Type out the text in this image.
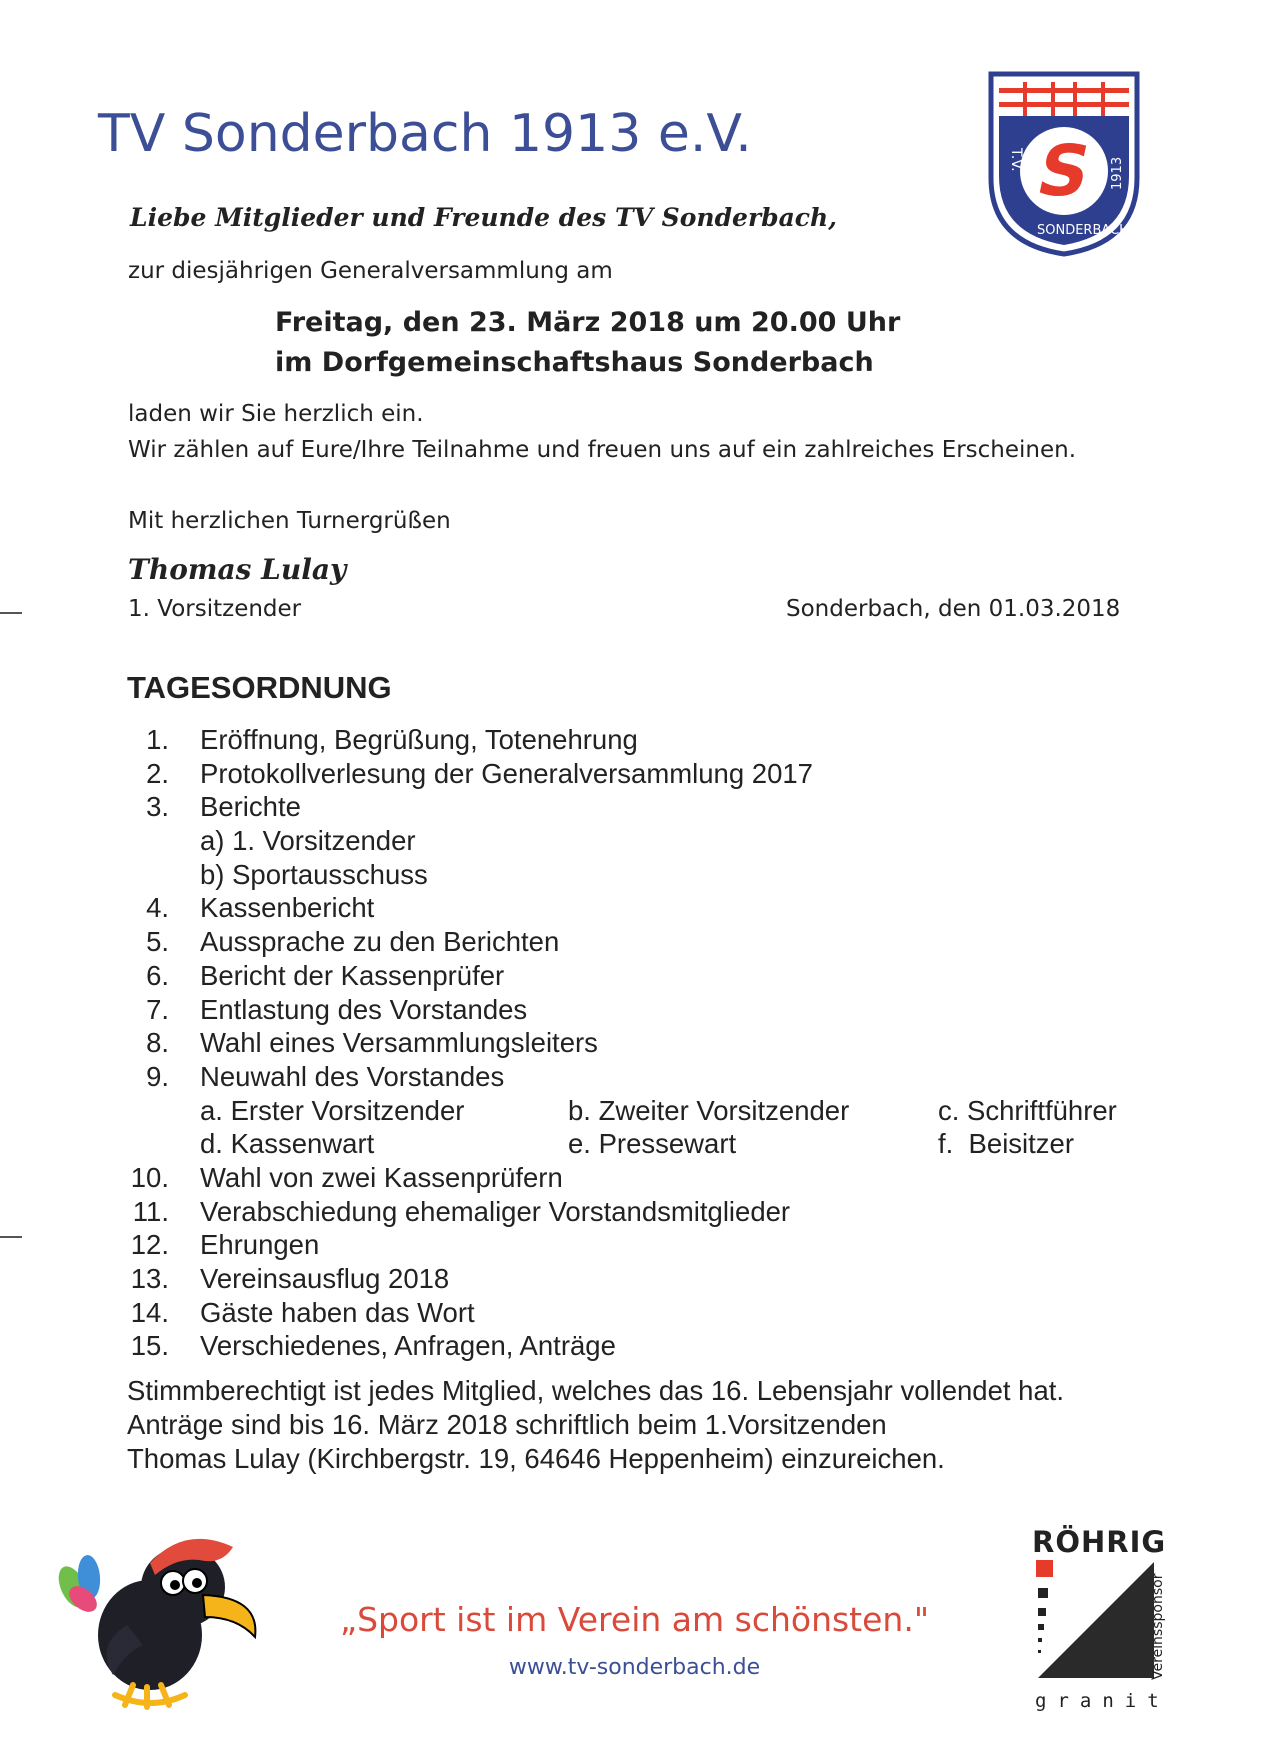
TV Sonderbach 1913 e.V.	S
T.V.
SONDERBACH
1913
Liebe Mitglieder und Freunde des TV Sonderbach,
zur diesjährigen Generalversammlung am
Freitag, den 23. März 2018 um 20.00 Uhr
im Dorfgemeinschaftshaus Sonderbach
laden wir Sie herzlich ein.
Wir zählen auf Eure/Ihre Teilnahme und freuen uns auf ein zahlreiches Erscheinen.
Mit herzlichen Turnergrüßen
Thomas Lulay
1. Vorsitzender	Sonderbach, den 01.03.2018
TAGESORDNUNG
1. Eröffnung, Begrüßung, Totenehrung
2. Protokollverlesung der Generalversammlung 2017
3. Berichte
a) 1. Vorsitzender
b) Sportausschuss
4. Kassenbericht
5. Aussprache zu den Berichten
6. Bericht der Kassenprüfer
7. Entlastung des Vorstandes
8. Wahl eines Versammlungsleiters
9. Neuwahl des Vorstandes
a. Erster Vorsitzender	b. Zweiter Vorsitzender	c. Schriftführer
d. Kassenwart	e. Pressewart	f.  Beisitzer
10. Wahl von zwei Kassenprüfern
11. Verabschiedung ehemaliger Vorstandsmitglieder
12. Ehrungen
13. Vereinsausflug 2018
14. Gäste haben das Wort
15. Verschiedenes, Anfragen, Anträge
Stimmberechtigt ist jedes Mitglied, welches das 16. Lebensjahr vollendet hat.
Anträge sind bis 16. März 2018 schriftlich beim 1.Vorsitzenden
Thomas Lulay (Kirchbergstr. 19, 64646 Heppenheim) einzureichen.
„Sport ist im Verein am schönsten."
www.tv-sonderbach.de
RÖHRIG
granit
Vereinssponsor
